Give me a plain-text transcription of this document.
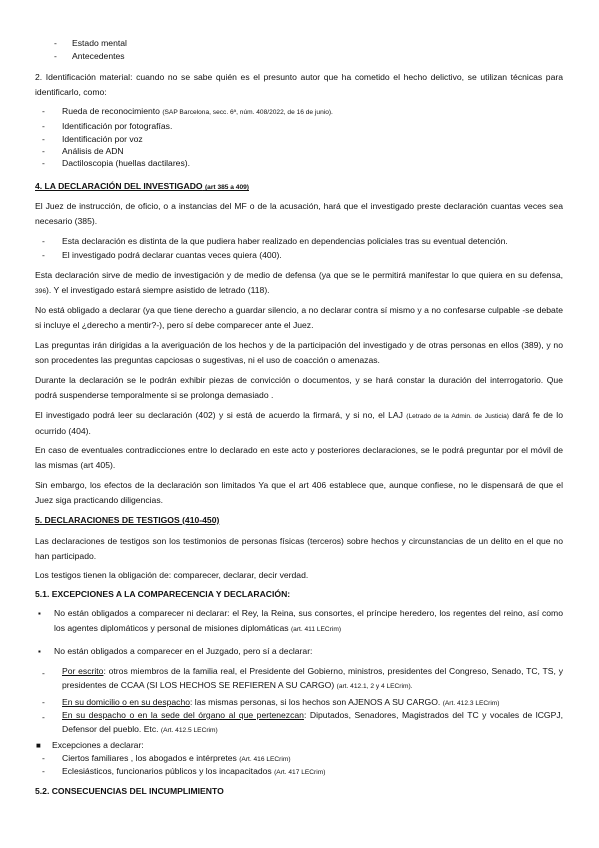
- Estado mental
- Antecedentes
2. Identificación material: cuando no se sabe quién es el presunto autor que ha cometido el hecho delictivo, se utilizan técnicas para identificarlo, como:
- Rueda de reconocimiento (SAP Barcelona, secc. 6ª, núm. 408/2022, de 16 de junio).
- Identificación por fotografías.
- Identificación por voz
- Análisis de ADN
- Dactiloscopia (huellas dactilares).
4. LA DECLARACIÓN DEL INVESTIGADO (art 385 a 409)
El Juez de instrucción, de oficio, o a instancias del MF o de la acusación, hará que el investigado preste declaración cuantas veces sea necesario (385).
- Esta declaración es distinta de la que pudiera haber realizado en dependencias policiales tras su eventual detención.
- El investigado podrá declarar cuantas veces quiera (400).
Esta declaración sirve de medio de investigación y de medio de defensa (ya que se le permitirá manifestar lo que quiera en su defensa, 396). Y el investigado estará siempre asistido de letrado (118).
No está obligado a declarar (ya que tiene derecho a guardar silencio, a no declarar contra sí mismo y a no confesarse culpable -se debate si incluye el ¿derecho a mentir?-), pero sí debe comparecer ante el Juez.
Las preguntas irán dirigidas a la averiguación de los hechos y de la participación del investigado y de otras personas en ellos (389), y no son procedentes las preguntas capciosas o sugestivas, ni el uso de coacción o amenazas.
Durante la declaración se le podrán exhibir piezas de convicción o documentos, y se hará constar la duración del interrogatorio. Que podrá suspenderse temporalmente si se prolonga demasiado .
El investigado podrá leer su declaración (402) y si está de acuerdo la firmará, y si no, el LAJ (Letrado de la Admin. de Justicia) dará fe de lo ocurrido (404).
En caso de eventuales contradicciones entre lo declarado en este acto y posteriores declaraciones, se le podrá preguntar por el móvil de las mismas (art 405).
Sin embargo, los efectos de la declaración son limitados Ya que el art 406 establece que, aunque confiese, no le dispensará de que el Juez siga practicando diligencias.
5. DECLARACIONES DE TESTIGOS (410-450)
Las declaraciones de testigos son los testimonios de personas físicas (terceros) sobre hechos y circunstancias de un delito en el que no han participado.
Los testigos tienen la obligación de: comparecer, declarar, decir verdad.
5.1. EXCEPCIONES A LA COMPARECENCIA Y DECLARACIÓN:
▪ No están obligados a comparecer ni declarar: el Rey, la Reina, sus consortes, el príncipe heredero, los regentes del reino, así como los agentes diplomáticos y personal de misiones diplomáticas (art. 411 LECrim)
▪ No están obligados a comparecer en el Juzgado, pero sí a declarar:
- Por escrito: otros miembros de la familia real, el Presidente del Gobierno, ministros, presidentes del Congreso, Senado, TC, TS, y presidentes de CCAA (SI LOS HECHOS SE REFIEREN A SU CARGO) (art. 412.1, 2 y 4 LECrim).
- En su domicilio o en su despacho: las mismas personas, si los hechos son AJENOS A SU CARGO. (Art. 412.3 LECrim)
- En su despacho o en la sede del órgano al que pertenezcan: Diputados, Senadores, Magistrados del TC y vocales de lCGPJ, Defensor del pueblo. Etc. (Art. 412.5 LECrim)
■ Excepciones a declarar:
- Ciertos familiares , los abogados e intérpretes (Art. 416 LECrim)
- Eclesiásticos, funcionarios públicos y los incapacitados (Art. 417 LECrim)
5.2. CONSECUENCIAS DEL INCUMPLIMIENTO
